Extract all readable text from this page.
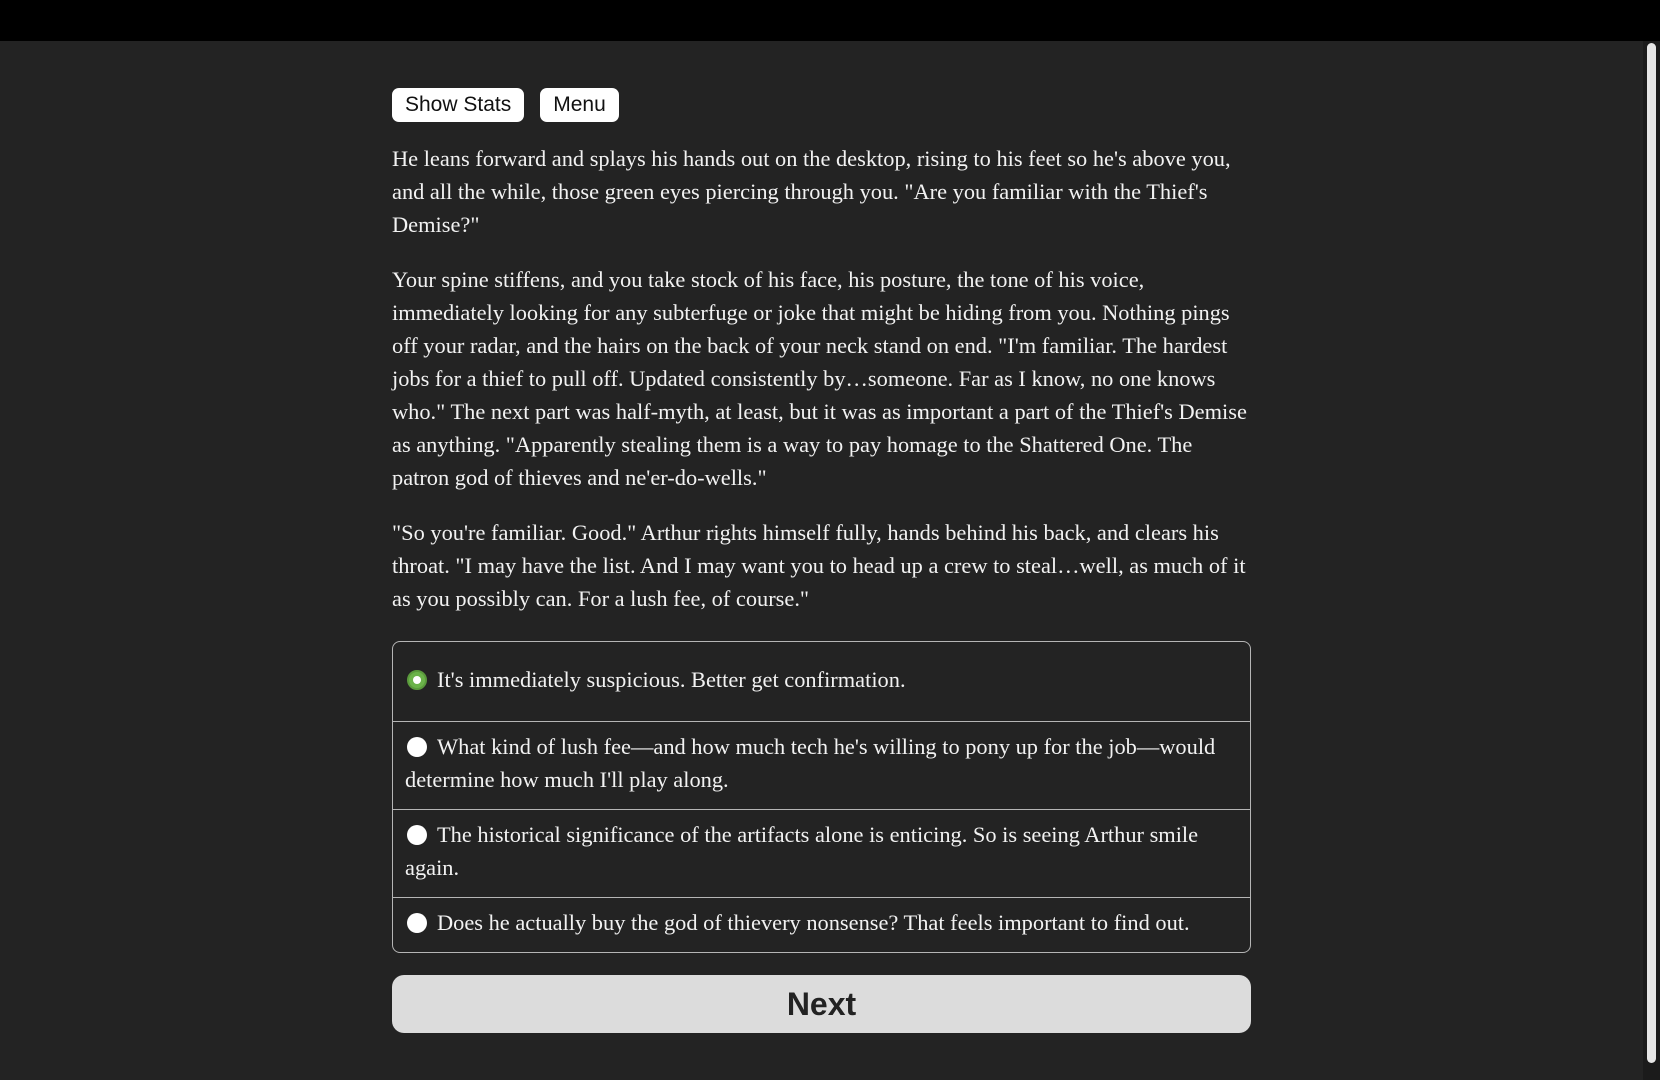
Show Stats	Menu

He leans forward and splays his hands out on the desktop, rising to his feet so he's above you, and all the while, those green eyes piercing through you. "Are you familiar with the Thief's Demise?"

Your spine stiffens, and you take stock of his face, his posture, the tone of his voice, immediately looking for any subterfuge or joke that might be hiding from you. Nothing pings off your radar, and the hairs on the back of your neck stand on end. "I'm familiar. The hardest jobs for a thief to pull off. Updated consistently by…someone. Far as I know, no one knows who." The next part was half-myth, at least, but it was as important a part of the Thief's Demise as anything. "Apparently stealing them is a way to pay homage to the Shattered One. The patron god of thieves and ne'er-do-wells."

"So you're familiar. Good." Arthur rights himself fully, hands behind his back, and clears his throat. "I may have the list. And I may want you to head up a crew to steal…well, as much of it as you possibly can. For a lush fee, of course."

It's immediately suspicious. Better get confirmation.
What kind of lush fee—and how much tech he's willing to pony up for the job—would determine how much I'll play along.
The historical significance of the artifacts alone is enticing. So is seeing Arthur smile again.
Does he actually buy the god of thievery nonsense? That feels important to find out.
Next
